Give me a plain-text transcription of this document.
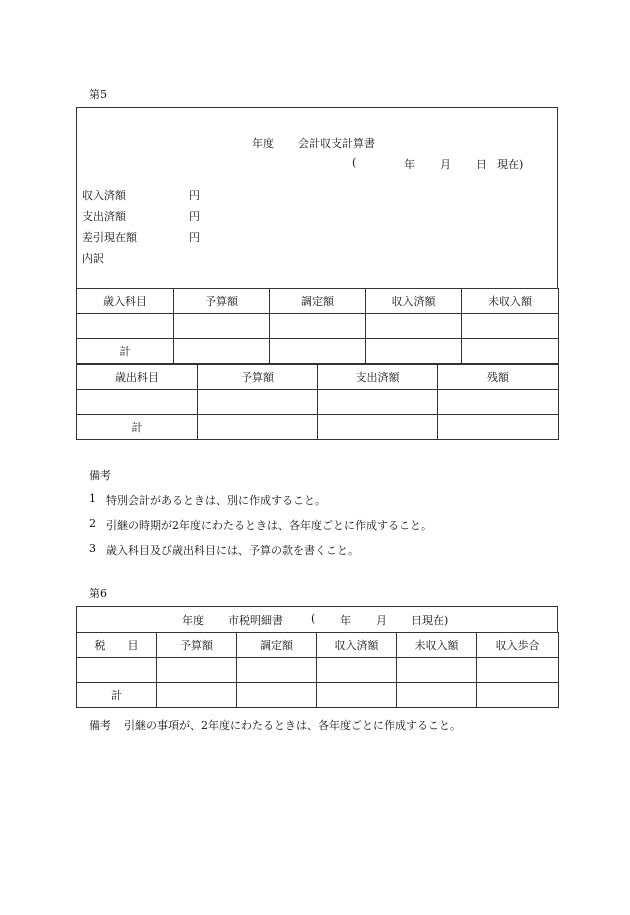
第5
年度 会計収支計算書
(	年 月 日 現在)
収入済額	円
支出済額	円
差引現在額	円
内訳
歳入科目	予算額	調定額	収入済額	未収入額

計				
歳出科目	予算額	支出済額	残額

計			
備考
1 特別会計があるときは、別に作成すること。
2 引継の時期が2年度にわたるときは、各年度ごとに作成すること。
3 歳入科目及び歳出科目には、予算の款を書くこと。
第6
年度 市税明細書	( 年 月 日現在)
税　　目	予算額	調定額	収入済額	未収入額	収入歩合

計					
備考 引継の事項が、2年度にわたるときは、各年度ごとに作成すること。
